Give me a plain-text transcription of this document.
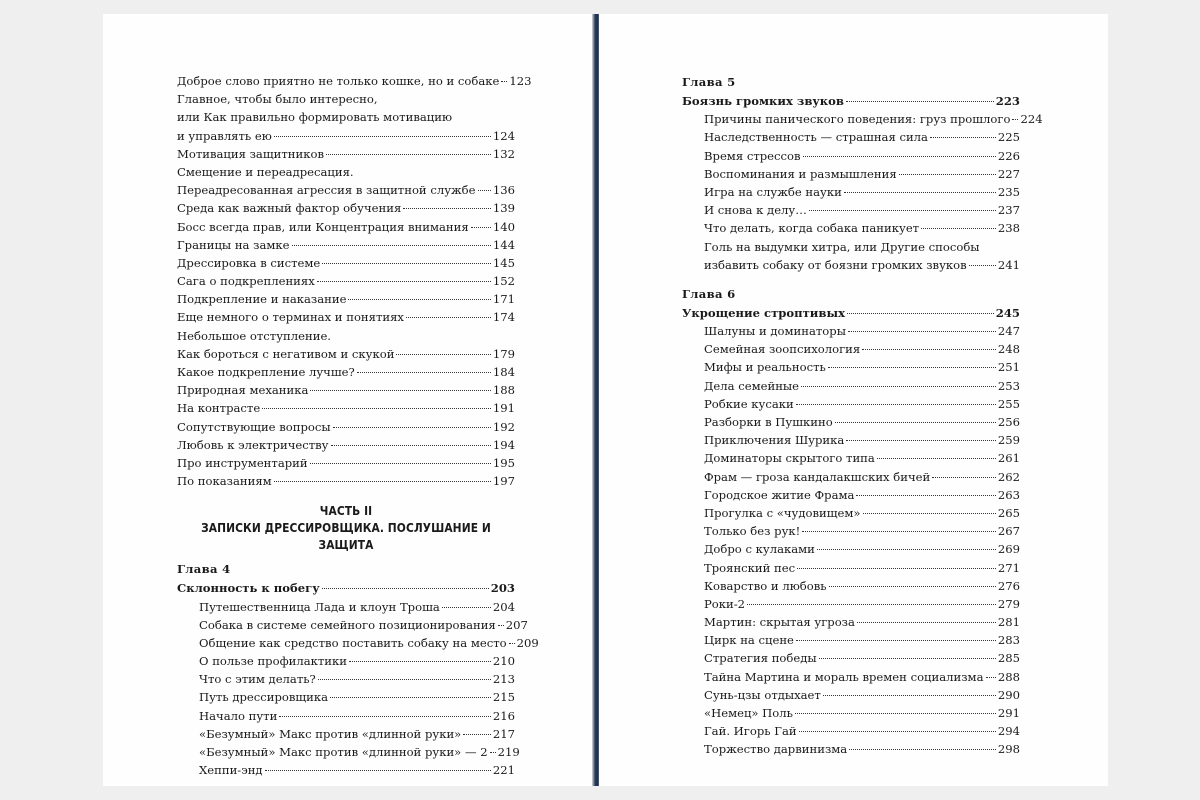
Доброе слово приятно не только кошке, но и собаке 123
Главное, чтобы было интересно,
или Как правильно формировать мотивацию
и управлять ею	124
Мотивация защитников	132
Смещение и переадресация.
Переадресованная агрессия в защитной службе 136
Среда как важный фактор обучения	139
Босс всегда прав, или Концентрация внимания 140
Границы на замке	144
Дрессировка в системе	145
Сага о подкреплениях	152
Подкрепление и наказание	171
Еще немного о терминах и понятиях	174
Небольшое отступление.
Как бороться с негативом и скукой	179
Какое подкрепление лучше?	184
Природная механика	188
На контрасте	191
Сопутствующие вопросы	192
Любовь к электричеству	194
Про инструментарий	195
По показаниям	197
ЧАСТЬ II
ЗАПИСКИ ДРЕССИРОВЩИКА. ПОСЛУШАНИЕ И ЗАЩИТА
Глава 4
Склонность к побегу	203
Путешественница Лада и клоун Троша	204
Собака в системе семейного позиционирования 207
Общение как средство поставить собаку на место 209
О пользе профилактики	210
Что с этим делать?	213
Путь дрессировщика	215
Начало пути	216
«Безумный» Макс против «длинной руки»	217
«Безумный» Макс против «длинной руки» — 2 219
Хеппи-энд	221
Глава 5
Боязнь громких звуков	223
Причины панического поведения: груз прошлого 224
Наследственность — страшная сила	225
Время стрессов	226
Воспоминания и размышления	227
Игра на службе науки	235
И снова к делу…	237
Что делать, когда собака паникует	238
Голь на выдумки хитра, или Другие способы
избавить собаку от боязни громких звуков	241
Глава 6
Укрощение строптивых	245
Шалуны и доминаторы	247
Семейная зоопсихология	248
Мифы и реальность	251
Дела семейные	253
Робкие кусаки	255
Разборки в Пушкино	256
Приключения Шурика	259
Доминаторы скрытого типа	261
Фрам — гроза кандалакшских бичей	262
Городское житие Фрама	263
Прогулка с «чудовищем»	265
Только без рук!	267
Добро с кулаками	269
Троянский пес	271
Коварство и любовь	276
Роки-2	279
Мартин: скрытая угроза	281
Цирк на сцене	283
Стратегия победы	285
Тайна Мартина и мораль времен социализма 288
Сунь-цзы отдыхает	290
«Немец» Поль	291
Гай. Игорь Гай	294
Торжество дарвинизма	298
